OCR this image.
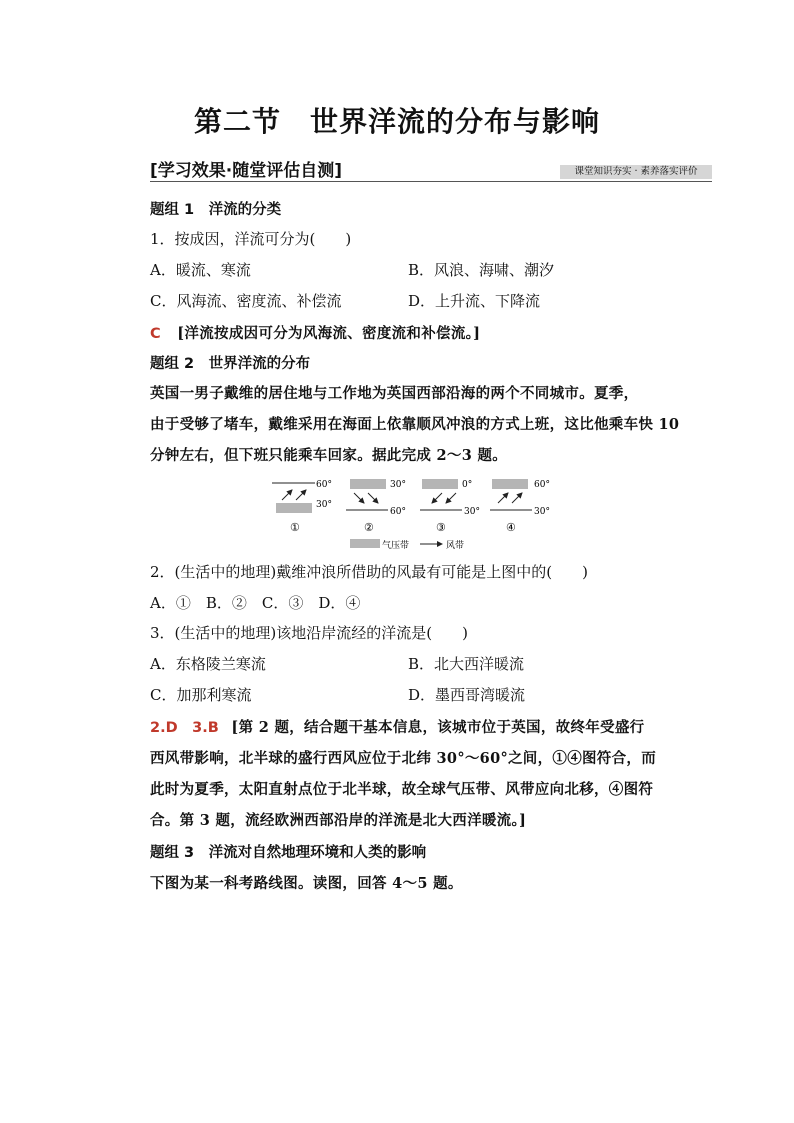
第二节　世界洋流的分布与影响
[学习效果·随堂评估自测]	课堂知识夯实 · 素养落实评价
题组 1　洋流的分类
1．按成因，洋流可分为(　　)
A．暖流、寒流	B．风浪、海啸、潮汐
C．风海流、密度流、补偿流	D．上升流、下降流
C [洋流按成因可分为风海流、密度流和补偿流。]
题组 2　世界洋流的分布
英国一男子戴维的居住地与工作地为英国西部沿海的两个不同城市。夏季，
由于受够了堵车，戴维采用在海面上依靠顺风冲浪的方式上班，这比他乘车快 10
分钟左右，但下班只能乘车回家。据此完成 2～3 题。
60°
30°
①
30°
60°
②
0°
30°
③
60°
30°
④
气压带	风带
2．(生活中的地理)戴维冲浪所借助的风最有可能是上图中的(　　)
A．①　B．②　C．③　D．④
3．(生活中的地理)该地沿岸流经的洋流是(　　)
A．东格陵兰寒流	B．北大西洋暖流
C．加那利寒流	D．墨西哥湾暖流
2.D　3.B [第 2 题，结合题干基本信息，该城市位于英国，故终年受盛行
西风带影响，北半球的盛行西风应位于北纬 30°～60°之间，①④图符合，而
此时为夏季，太阳直射点位于北半球，故全球气压带、风带应向北移，④图符
合。第 3 题，流经欧洲西部沿岸的洋流是北大西洋暖流。]
题组 3　洋流对自然地理环境和人类的影响
下图为某一科考路线图。读图，回答 4～5 题。
